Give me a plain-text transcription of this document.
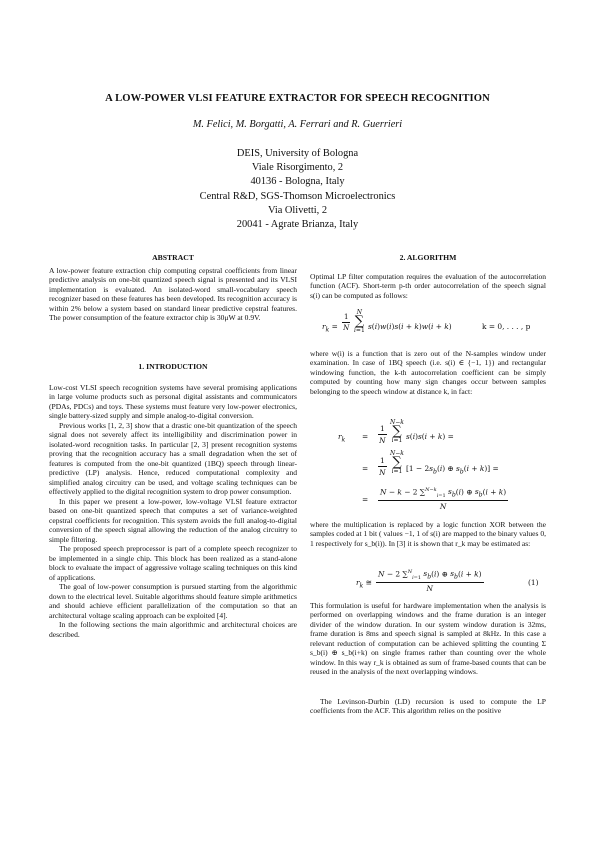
A LOW-POWER VLSI FEATURE EXTRACTOR FOR SPEECH RECOGNITION
M. Felici, M. Borgatti, A. Ferrari and R. Guerrieri
DEIS, University of Bologna
Viale Risorgimento, 2
40136 - Bologna, Italy
Central R&D, SGS-Thomson Microelectronics
Via Olivetti, 2
20041 - Agrate Brianza, Italy
ABSTRACT

A low-power feature extraction chip computing cepstral coefficients from linear predictive analysis on one-bit quantized speech signal is presented and its VLSI implementation is evaluated. An isolated-word small-vocabulary speech recognizer based on these features has been developed. Its recognition accuracy is within 2% below a system based on standard linear predictive cepstral features. The power consumption of the feature extractor chip is 30μW at 0.9V.

1. INTRODUCTION

Low-cost VLSI speech recognition systems have several promising applications in large volume products such as personal digital assistants and communicators (PDAs, PDCs) and toys. These systems must feature very low-power electronics, single battery-sized supply and simple analog-to-digital conversion.

Previous works [1, 2, 3] show that a drastic one-bit quantization of the speech signal does not severely affect its intelligibility and discrimination power in isolated-word recognition tasks. In particular [2, 3] present recognition systems proving that the recognition accuracy has a small degradation when the set of features is computed from the one-bit quantized (1BQ) speech through linear-predictive (LP) analysis. Hence, reduced computational complexity and simplified analog circuitry can be used, and voltage scaling techniques can be effectively applied to the digital recognition system to drop power consumption.

In this paper we present a low-power, low-voltage VLSI feature extractor based on one-bit quantized speech that computes a set of variance-weighted cepstral coefficients for recognition. This system avoids the full analog-to-digital conversion of the speech signal allowing the reduction of the analog circuitry to simple filtering.

The proposed speech preprocessor is part of a complete speech recognizer to be implemented in a single chip. This block has been realized as a stand-alone block to evaluate the impact of aggressive voltage scaling techniques on this kind of applications.

The goal of low-power consumption is pursued starting from the algorithmic down to the electrical level. Suitable algorithms should feature simple arithmetics and should achieve efficient parallelization of the computation so that an architectural voltage scaling approach can be exploited [4].

In the following sections the main algorithmic and architectural choices are described.

2. ALGORITHM

Optimal LP filter computation requires the evaluation of the autocorrelation function (ACF). Short-term p-th order autocorrelation of the speech signal s(i) can be computed as follows:

$r_k = \frac{1}{N}$
N
∑
i=1 s(i)w(i)s(i + k)w(i + k)	k = 0, . . . , p

where w(i) is a function that is zero out of the N-samples window under examination. In case of 1BQ speech (i.e. s(i) ∈ {−1, 1}) and rectangular windowing function, the k-th autocorrelation coefficient can be simply computed by counting how many sign changes occur between samples belonging to the speech window at distance k, in fact:

$r_k = \frac{1}{N}$
N−k
∑
i=1 s(i)s(i + k) =
= $\frac{1}{N}$
N−k
∑
i=1 [$1 - 2s_b(i)$ ⊕ $s_b(i + k)$] =
= $\frac{N - k - 2 \sum^{N-k}_{i=1} s_b(i) \oplus s_b(i + k)}{N}$

where the multiplication is replaced by a logic function XOR between the samples coded at 1 bit ( values −1, 1 of s(i) are mapped to the binary values 0, 1 respectively for s_b(i)). In [3] it is shown that r_k may be estimated as:

$r_k$ ≅ $\frac{N - 2 \sum^N_{i=1} s_b(i) \oplus s_b(i + k)}{N}$	(1)

This formulation is useful for hardware implementation when the analysis is performed on overlapping windows and the frame duration is an integer divider of the window duration. In our system window duration is 32ms, frame duration is 8ms and speech signal is sampled at 8kHz. In this case a relevant reduction of computation can be achieved splitting the counting Σ s_b(i) ⊕ s_b(i+k) on single frames rather than counting over the whole window. In this way r_k is obtained as sum of frame-based counts that can be reused in the analysis of the next overlapping windows.

The Levinson-Durbin (LD) recursion is used to compute the LP coefficients from the ACF. This algorithm relies on the positive
